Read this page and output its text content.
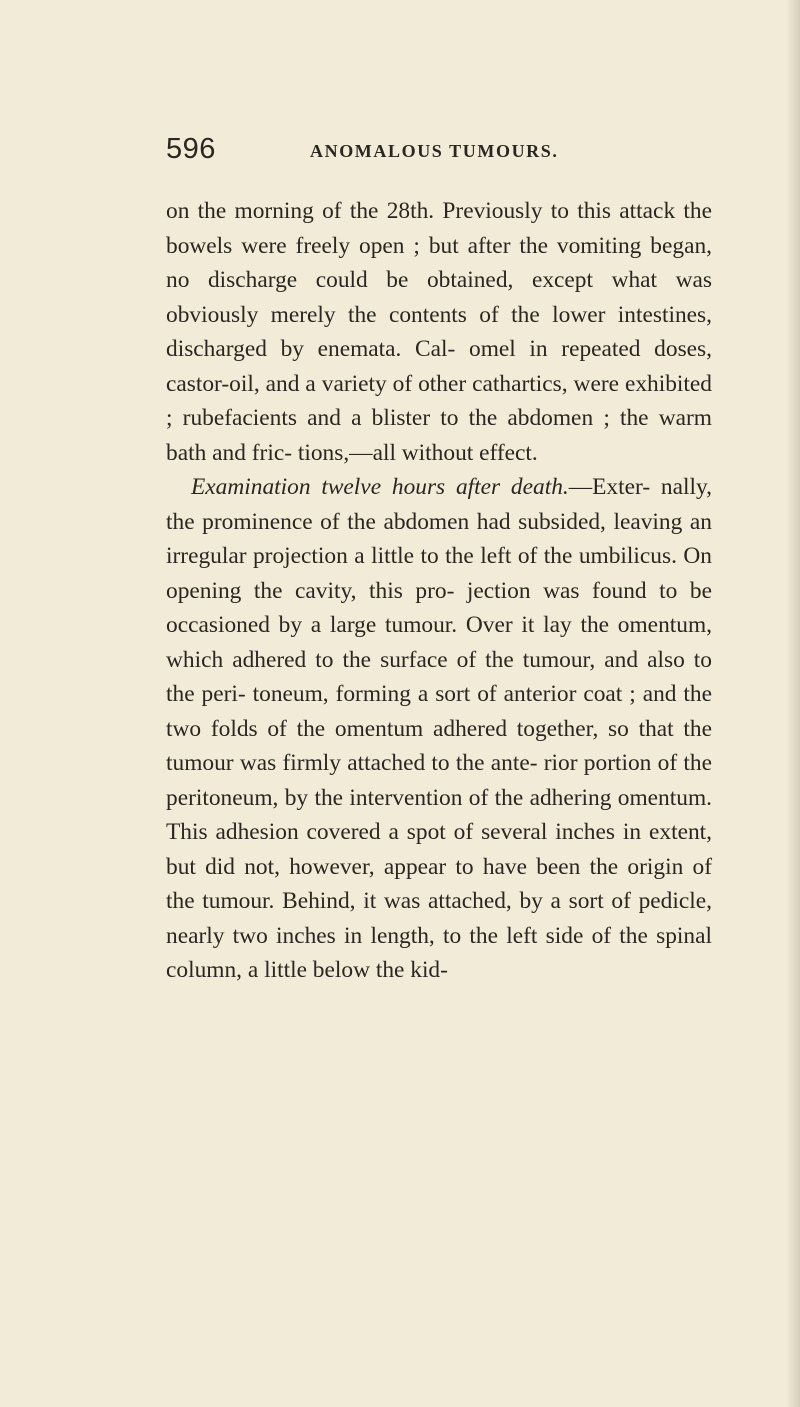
596	ANOMALOUS TUMOURS.

on the morning of the 28th. Previously to this attack the bowels were freely open ; but after the vomiting began, no discharge could be obtained, except what was obviously merely the contents of the lower intestines, discharged by enemata. Cal- omel in repeated doses, castor-oil, and a variety of other cathartics, were exhibited ; rubefacients and a blister to the abdomen ; the warm bath and fric- tions,—all without effect.

Examination twelve hours after death.—Exter- nally, the prominence of the abdomen had subsided, leaving an irregular projection a little to the left of the umbilicus. On opening the cavity, this pro- jection was found to be occasioned by a large tumour. Over it lay the omentum, which adhered to the surface of the tumour, and also to the peri- toneum, forming a sort of anterior coat ; and the two folds of the omentum adhered together, so that the tumour was firmly attached to the ante- rior portion of the peritoneum, by the intervention of the adhering omentum. This adhesion covered a spot of several inches in extent, but did not, however, appear to have been the origin of the tumour. Behind, it was attached, by a sort of pedicle, nearly two inches in length, to the left side of the spinal column, a little below the kid-
